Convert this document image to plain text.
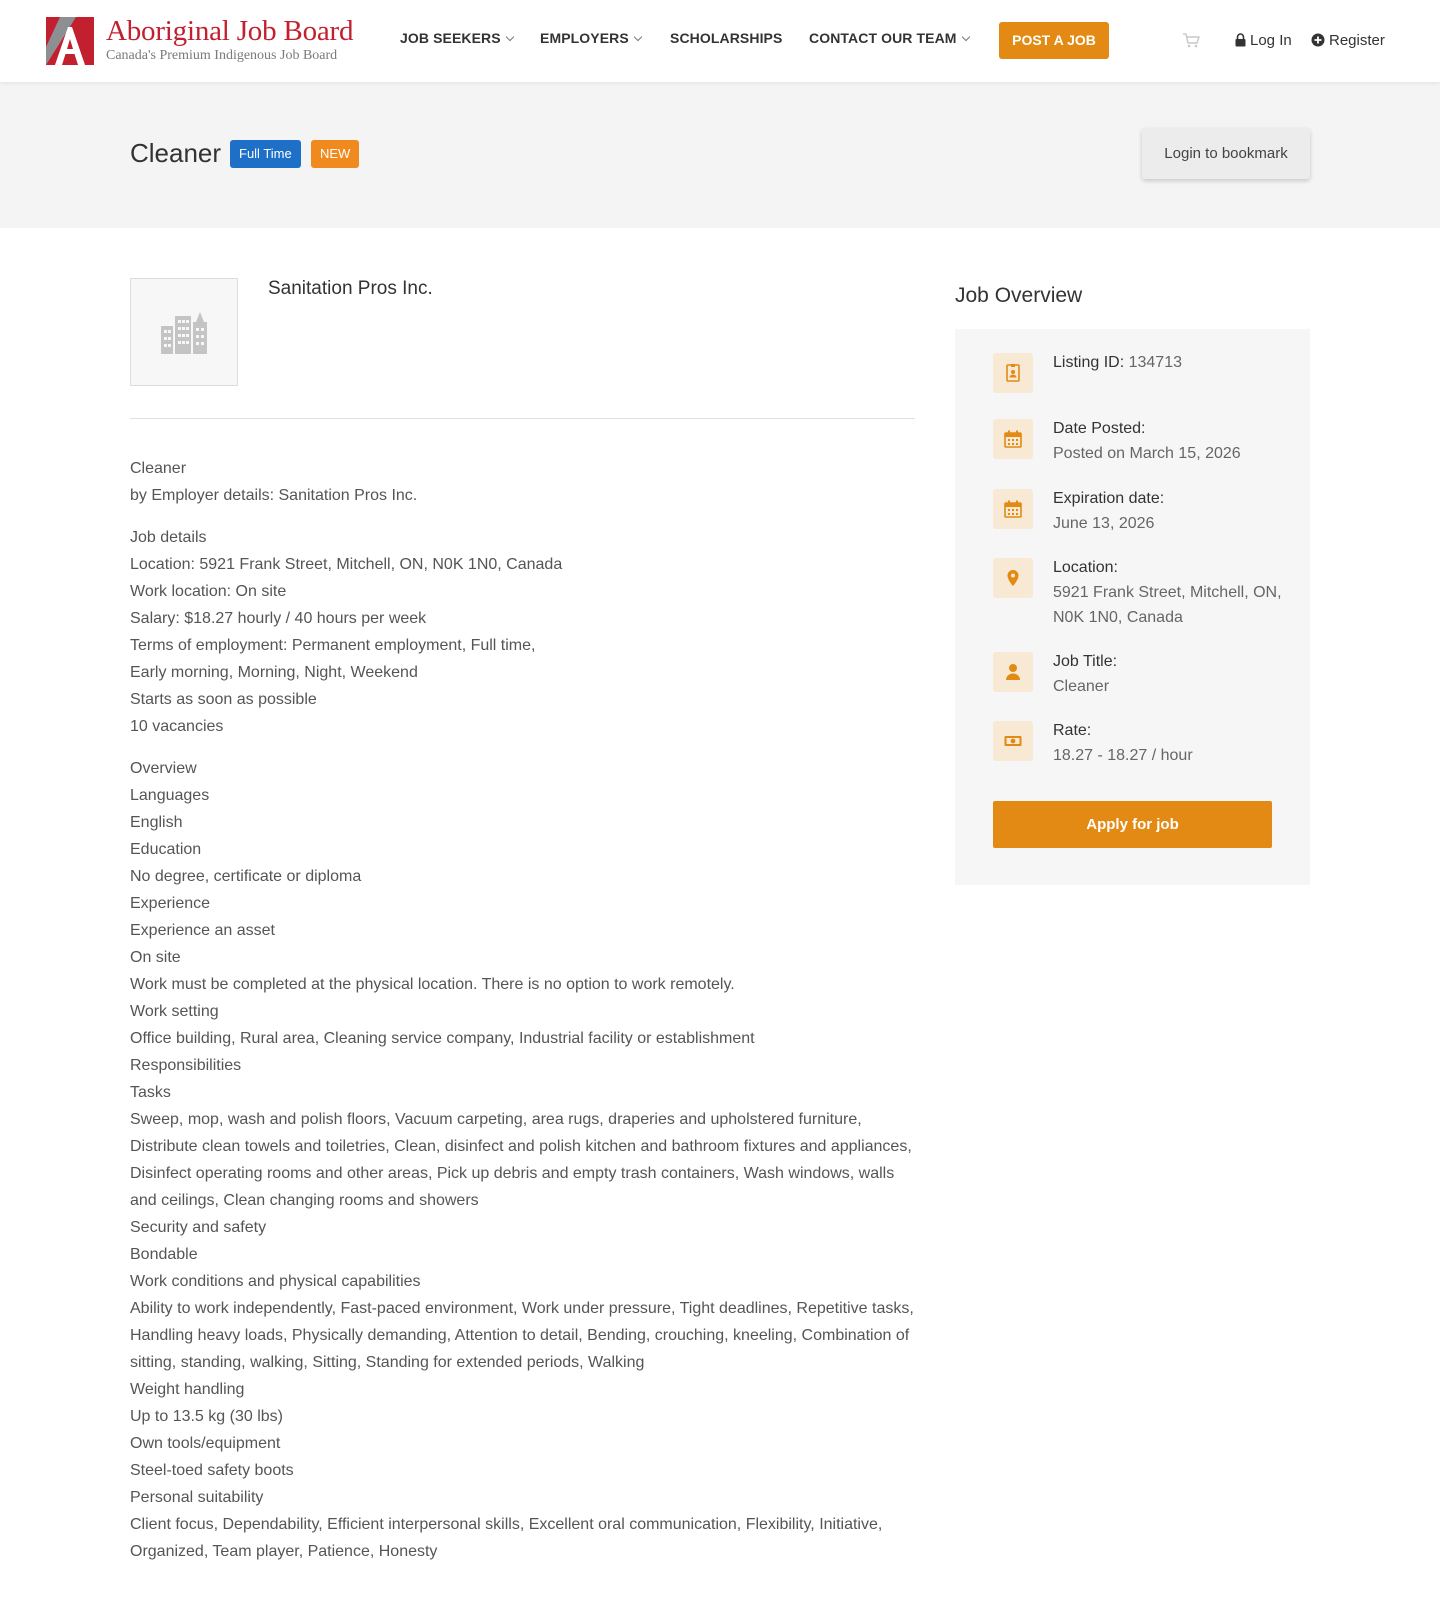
Aboriginal Job Board
Canada's Premium Indigenous Job Board
JOB SEEKERS	EMPLOYERS	SCHOLARSHIPS CONTACT OUR TEAM	POST A JOB	Log In	Register
Cleaner	Full Time	NEW	Login to bookmark
Sanitation Pros Inc.
Cleaner
by Employer details: Sanitation Pros Inc.
Job details
Location: 5921 Frank Street, Mitchell, ON, N0K 1N0, Canada
Work location: On site
Salary: $18.27 hourly / 40 hours per week
Terms of employment: Permanent employment, Full time,
Early morning, Morning, Night, Weekend
Starts as soon as possible
10 vacancies
Overview
Languages
English
Education
No degree, certificate or diploma
Experience
Experience an asset
On site
Work must be completed at the physical location. There is no option to work remotely.
Work setting
Office building, Rural area, Cleaning service company, Industrial facility or establishment
Responsibilities
Tasks
Sweep, mop, wash and polish floors, Vacuum carpeting, area rugs, draperies and upholstered furniture, Distribute clean towels and toiletries, Clean, disinfect and polish kitchen and bathroom fixtures and appliances, Disinfect operating rooms and other areas, Pick up debris and empty trash containers, Wash windows, walls and ceilings, Clean changing rooms and showers
Security and safety
Bondable
Work conditions and physical capabilities
Ability to work independently, Fast-paced environment, Work under pressure, Tight deadlines, Repetitive tasks, Handling heavy loads, Physically demanding, Attention to detail, Bending, crouching, kneeling, Combination of sitting, standing, walking, Sitting, Standing for extended periods, Walking
Weight handling
Up to 13.5 kg (30 lbs)
Own tools/equipment
Steel-toed safety boots
Personal suitability
Client focus, Dependability, Efficient interpersonal skills, Excellent oral communication, Flexibility, Initiative, Organized, Team player, Patience, Honesty
Job Overview
Listing ID: 134713
Date Posted:
Posted on March 15, 2026
Expiration date:
June 13, 2026
Location:
5921 Frank Street, Mitchell, ON, N0K 1N0, Canada
Job Title:
Cleaner
Rate:
18.27 - 18.27 / hour
Apply for job
